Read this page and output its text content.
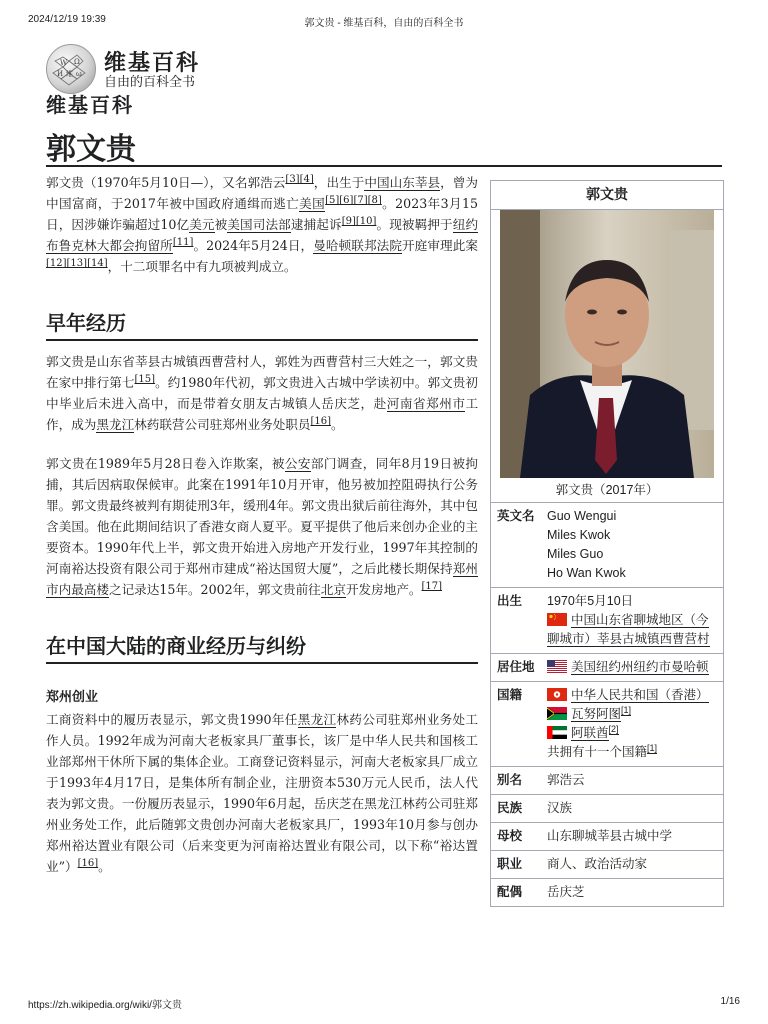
2024/12/19 19:39	郭文贵 - 维基百科，自由的百科全书
W Ω
维
И ω 维基百科
自由的百科全书
维基百科
郭文贵

郭文贵（1970年5月10日—），又名郭浩云[3][4]，出生于中国山东莘县，曾为中国富商，于2017年被中国政府通缉而逃亡美国[5][6][7][8]。2023年3月15日，因涉嫌诈骗超过10亿美元被美国司法部逮捕起诉[9][10]。现被羁押于纽约布鲁克林大都会拘留所[11]。2024年5月24日，曼哈顿联邦法院开庭审理此案[12][13][14]，十二项罪名中有九项被判成立。

早年经历

郭文贵是山东省莘县古城镇西曹营村人，郭姓为西曹营村三大姓之一，郭文贵在家中排行第七[15]。约1980年代初，郭文贵进入古城中学读初中。郭文贵初中毕业后未进入高中，而是带着女朋友古城镇人岳庆芝，赴河南省郑州市工作，成为黑龙江林药联营公司驻郑州业务处职员[16]。

郭文贵在1989年5月28日卷入诈欺案，被公安部门调查，同年8月19日被拘捕，其后因病取保候审。此案在1991年10月开审，他另被加控阻碍执行公务罪。郭文贵最终被判有期徒刑3年，缓刑4年。郭文贵出狱后前往海外，其中包含美国。他在此期间结识了香港女商人夏平。夏平提供了他后来创办企业的主要资本。1990年代上半，郭文贵开始进入房地产开发行业，1997年其控制的河南裕达投资有限公司于郑州市建成“裕达国贸大厦”，之后此楼长期保持郑州市内最高楼之记录达15年。2002年，郭文贵前往北京开发房地产。[17]

在中国大陆的商业经历与纠纷
郑州创业

工商资料中的履历表显示，郭文贵1990年任黑龙江林药公司驻郑州业务处工作人员。1992年成为河南大老板家具厂董事长，该厂是中华人民共和国核工业部郑州干休所下属的集体企业。工商登记资料显示，河南大老板家具厂成立于1993年4月17日，是集体所有制企业，注册资本530万元人民币，法人代表为郭文贵。一份履历表显示，1990年6月起，岳庆芝在黑龙江林药公司驻郑州业务处工作，此后随郭文贵创办河南大老板家具厂，1993年10月参与创办郑州裕达置业有限公司（后来变更为河南裕达置业有限公司，以下称“裕达置业”）[16]。

郭文贵
郭文贵（2017年）
英文名 Guo Wengui
Miles Kwok
Miles Guo
Ho Wan Kwok
出生	1970年5月10日
中国山东省聊城地区（今聊城市）莘县古城镇西曹营村
居住地	美国纽约州纽约市曼哈顿
国籍	中华人民共和国（香港）
瓦努阿图[1]
阿联酋[2]
共拥有十一个国籍[1]
别名	郭浩云
民族	汉族
母校	山东聊城莘县古城中学
职业	商人、政治活动家
配偶	岳庆芝
https://zh.wikipedia.org/wiki/郭文贵	1/16
